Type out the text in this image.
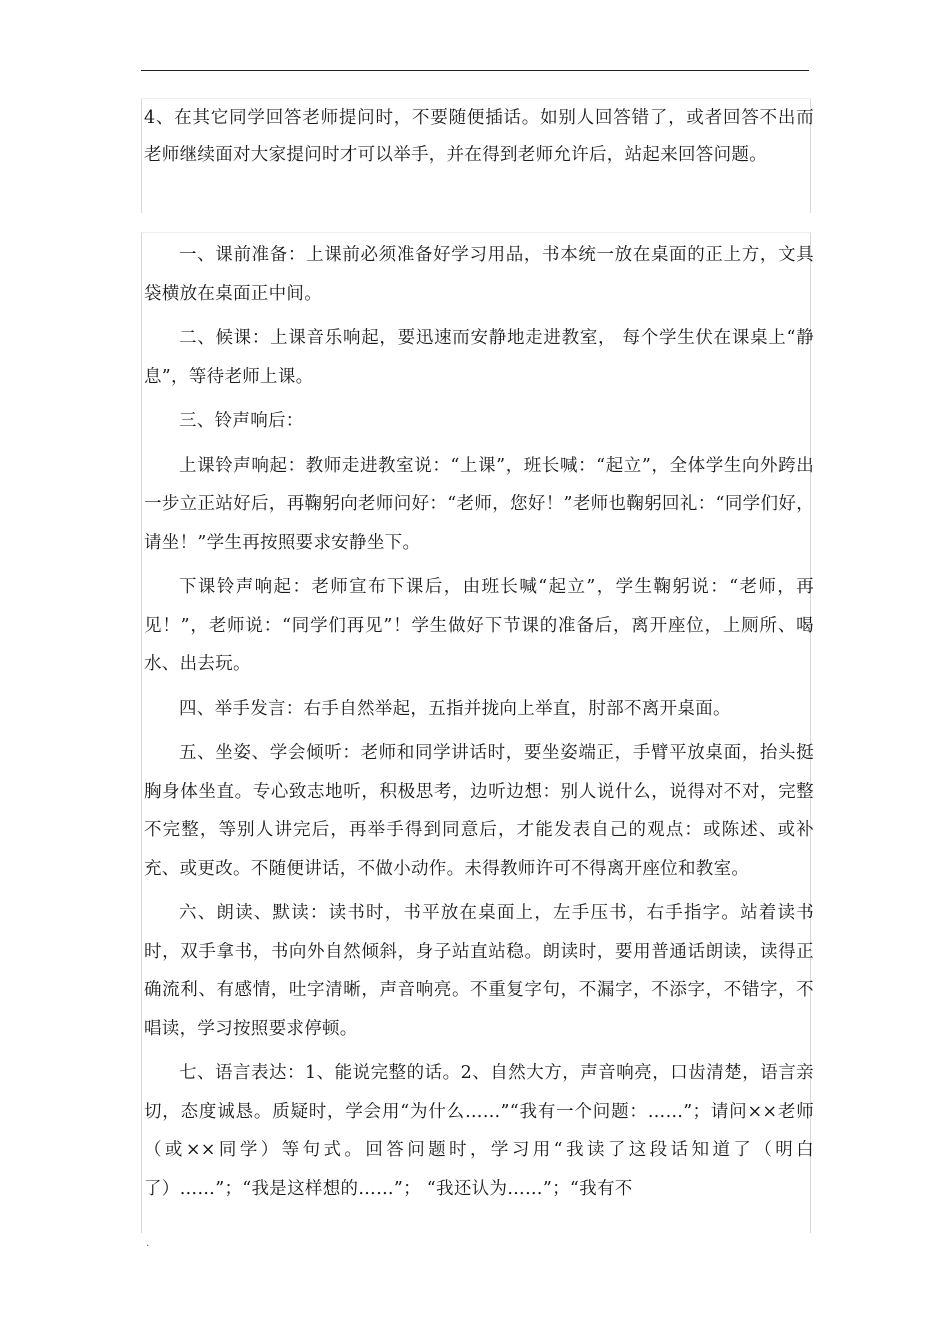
4、在其它同学回答老师提问时，不要随便插话。如别人回答错了，或者回答不出而老师继续面对大家提问时才可以举手，并在得到老师允许后，站起来回答问题。

一、课前准备：上课前必须准备好学习用品，书本统一放在桌面的正上方，文具袋横放在桌面正中间。

二、候课：上课音乐响起，要迅速而安静地走进教室， 每个学生伏在课桌上“静息”，等待老师上课。

三、铃声响后：

上课铃声响起：教师走进教室说：“上课”，班长喊：“起立”，全体学生向外跨出一步立正站好后，再鞠躬向老师问好：“老师，您好！”老师也鞠躬回礼：“同学们好，请坐！”学生再按照要求安静坐下。

下课铃声响起：老师宣布下课后，由班长喊“起立”，学生鞠躬说：“老师，再见！”，老师说：“同学们再见”！学生做好下节课的准备后，离开座位，上厕所、喝水、出去玩。

四、举手发言：右手自然举起，五指并拢向上举直，肘部不离开桌面。

五、坐姿、学会倾听：老师和同学讲话时，要坐姿端正，手臂平放桌面，抬头挺胸身体坐直。专心致志地听，积极思考，边听边想：别人说什么，说得对不对，完整不完整，等别人讲完后，再举手得到同意后，才能发表自己的观点：或陈述、或补充、或更改。不随便讲话，不做小动作。未得教师许可不得离开座位和教室。

六、朗读、默读：读书时，书平放在桌面上，左手压书，右手指字。站着读书时，双手拿书，书向外自然倾斜，身子站直站稳。朗读时，要用普通话朗读，读得正确流利、有感情，吐字清晰，声音响亮。不重复字句，不漏字，不添字，不错字，不唱读，学习按照要求停顿。

七、语言表达：1、能说完整的话。2、自然大方，声音响亮，口齿清楚，语言亲切，态度诚恳。质疑时，学会用“为什么……”“我有一个问题：……”；请问××老师（或××同学）等句式。回答问题时，学习用“我读了这段话知道了（明白了）……”；“我是这样想的……”； “我还认为……”；“我有不

.
